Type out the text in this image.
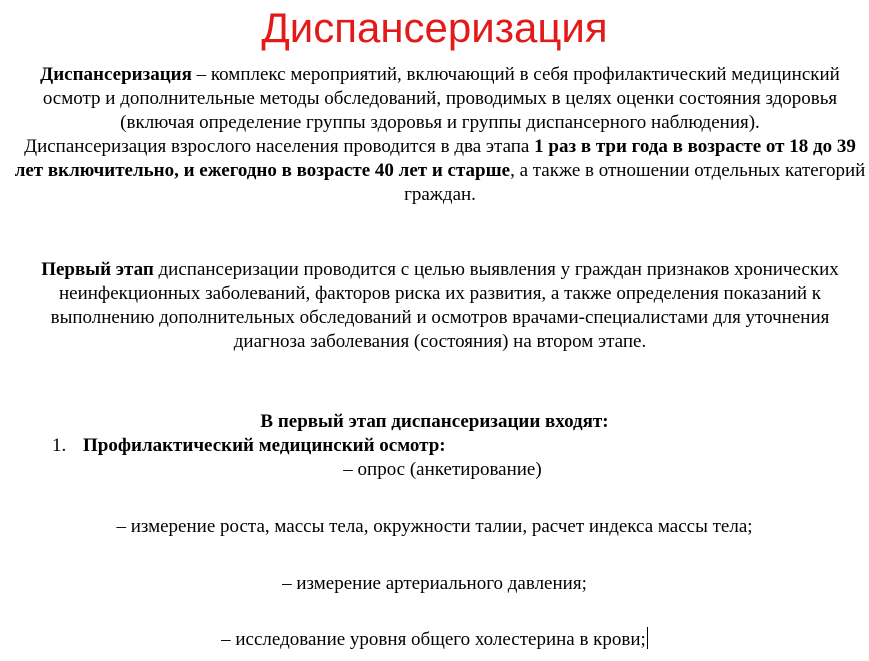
Диспансеризация
Диспансеризация – комплекс мероприятий, включающий в себя профилактический медицинский осмотр и дополнительные методы обследований, проводимых в целях оценки состояния здоровья (включая определение группы здоровья и группы диспансерного наблюдения).
Диспансеризация взрослого населения проводится в два этапа 1 раз в три года в возрасте от 18 до 39 лет включительно, и ежегодно в возрасте 40 лет и старше, а также в отношении отдельных категорий граждан.
Первый этап диспансеризации проводится с целью выявления у граждан признаков хронических неинфекционных заболеваний, факторов риска их развития, а также определения показаний к выполнению дополнительных обследований и осмотров врачами-специалистами для уточнения диагноза заболевания (состояния) на втором этапе.
В первый этап диспансеризации входят:
1. Профилактический медицинский осмотр:
– опрос (анкетирование)
– измерение роста, массы тела, окружности талии, расчет индекса массы тела;
– измерение артериального давления;
– исследование уровня общего холестерина в крови;
